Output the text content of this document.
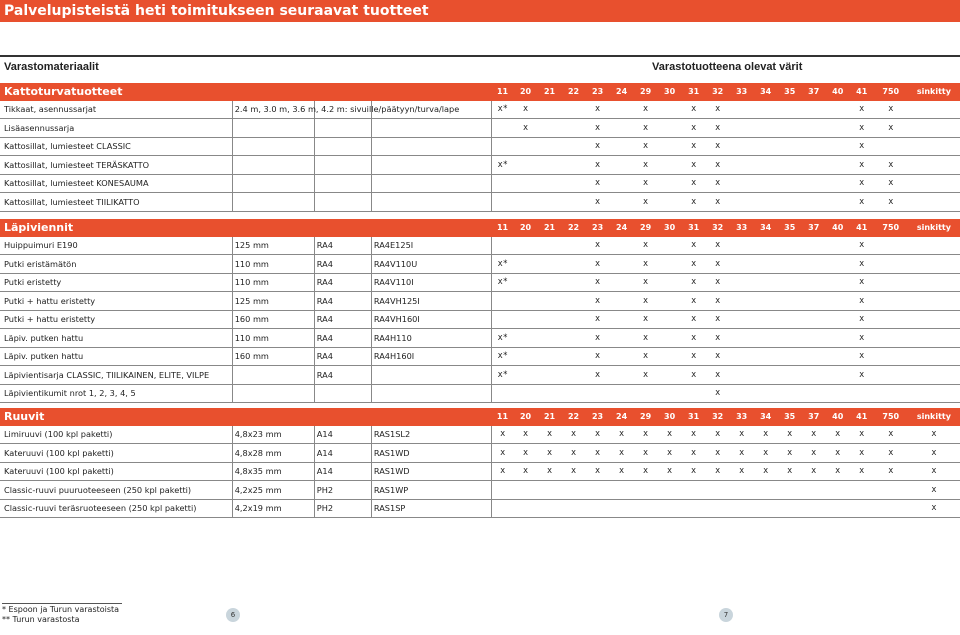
Palvelupisteistä heti toimitukseen seuraavat tuotteet
Varastomateriaalit	Varastotuotteena olevat värit
Kattoturvatuotteet				11	20	21	22	23	24	29	30	31	32	33	34	35	37	40	41	750	sinkitty
Tikkaat, asennussarjat	2.4 m, 3.0 m, 3.6 m, 4.2 m: sivuille/päätyyn/turva/lape			x*	x			x		x		x	x						x	x	
Lisäasennussarja					x			x		x		x	x						x	x	
Kattosillat, lumiesteet CLASSIC								x		x		x	x						x		
Kattosillat, lumiesteet TERÄSKATTO				x*				x		x		x	x						x	x	
Kattosillat, lumiesteet KONESAUMA								x		x		x	x						x	x	
Kattosillat, lumiesteet TIILIKATTO								x		x		x	x						x	x	
Läpiviennit				11	20	21	22	23	24	29	30	31	32	33	34	35	37	40	41	750	sinkitty
Huippuimuri E190	125 mm	RA4	RA4E125I					x		x		x	x						x		
Putki eristämätön	110 mm	RA4	RA4V110U	x*				x		x		x	x						x		
Putki eristetty	110 mm	RA4	RA4V110I	x*				x		x		x	x						x		
Putki + hattu eristetty	125 mm	RA4	RA4VH125I					x		x		x	x						x		
Putki + hattu eristetty	160 mm	RA4	RA4VH160I					x		x		x	x						x		
Läpiv. putken hattu	110 mm	RA4	RA4H110	x*				x		x		x	x						x		
Läpiv. putken hattu	160 mm	RA4	RA4H160I	x*				x		x		x	x						x		
Läpivientisarja CLASSIC, TIILIKAINEN, ELITE, VILPE		RA4		x*				x		x		x	x						x		
Läpivientikumit nrot 1, 2, 3, 4, 5													x								
Ruuvit				11	20	21	22	23	24	29	30	31	32	33	34	35	37	40	41	750	sinkitty
Limiruuvi (100 kpl paketti)	4,8x23 mm	A14	RAS1SL2	x	x	x	x	x	x	x	x	x	x	x	x	x	x	x	x	x	x
Kateruuvi (100 kpl paketti)	4,8x28 mm	A14	RAS1WD	x	x	x	x	x	x	x	x	x	x	x	x	x	x	x	x	x	x
Kateruuvi (100 kpl paketti)	4,8x35 mm	A14	RAS1WD	x	x	x	x	x	x	x	x	x	x	x	x	x	x	x	x	x	x
Classic-ruuvi puuruoteeseen (250 kpl paketti)	4,2x25 mm	PH2	RAS1WP																		x
Classic-ruuvi teräsruoteeseen (250 kpl paketti)	4,2x19 mm	PH2	RAS1SP																		x
* Espoon ja Turun varastoista
** Turun varastosta	6	7
